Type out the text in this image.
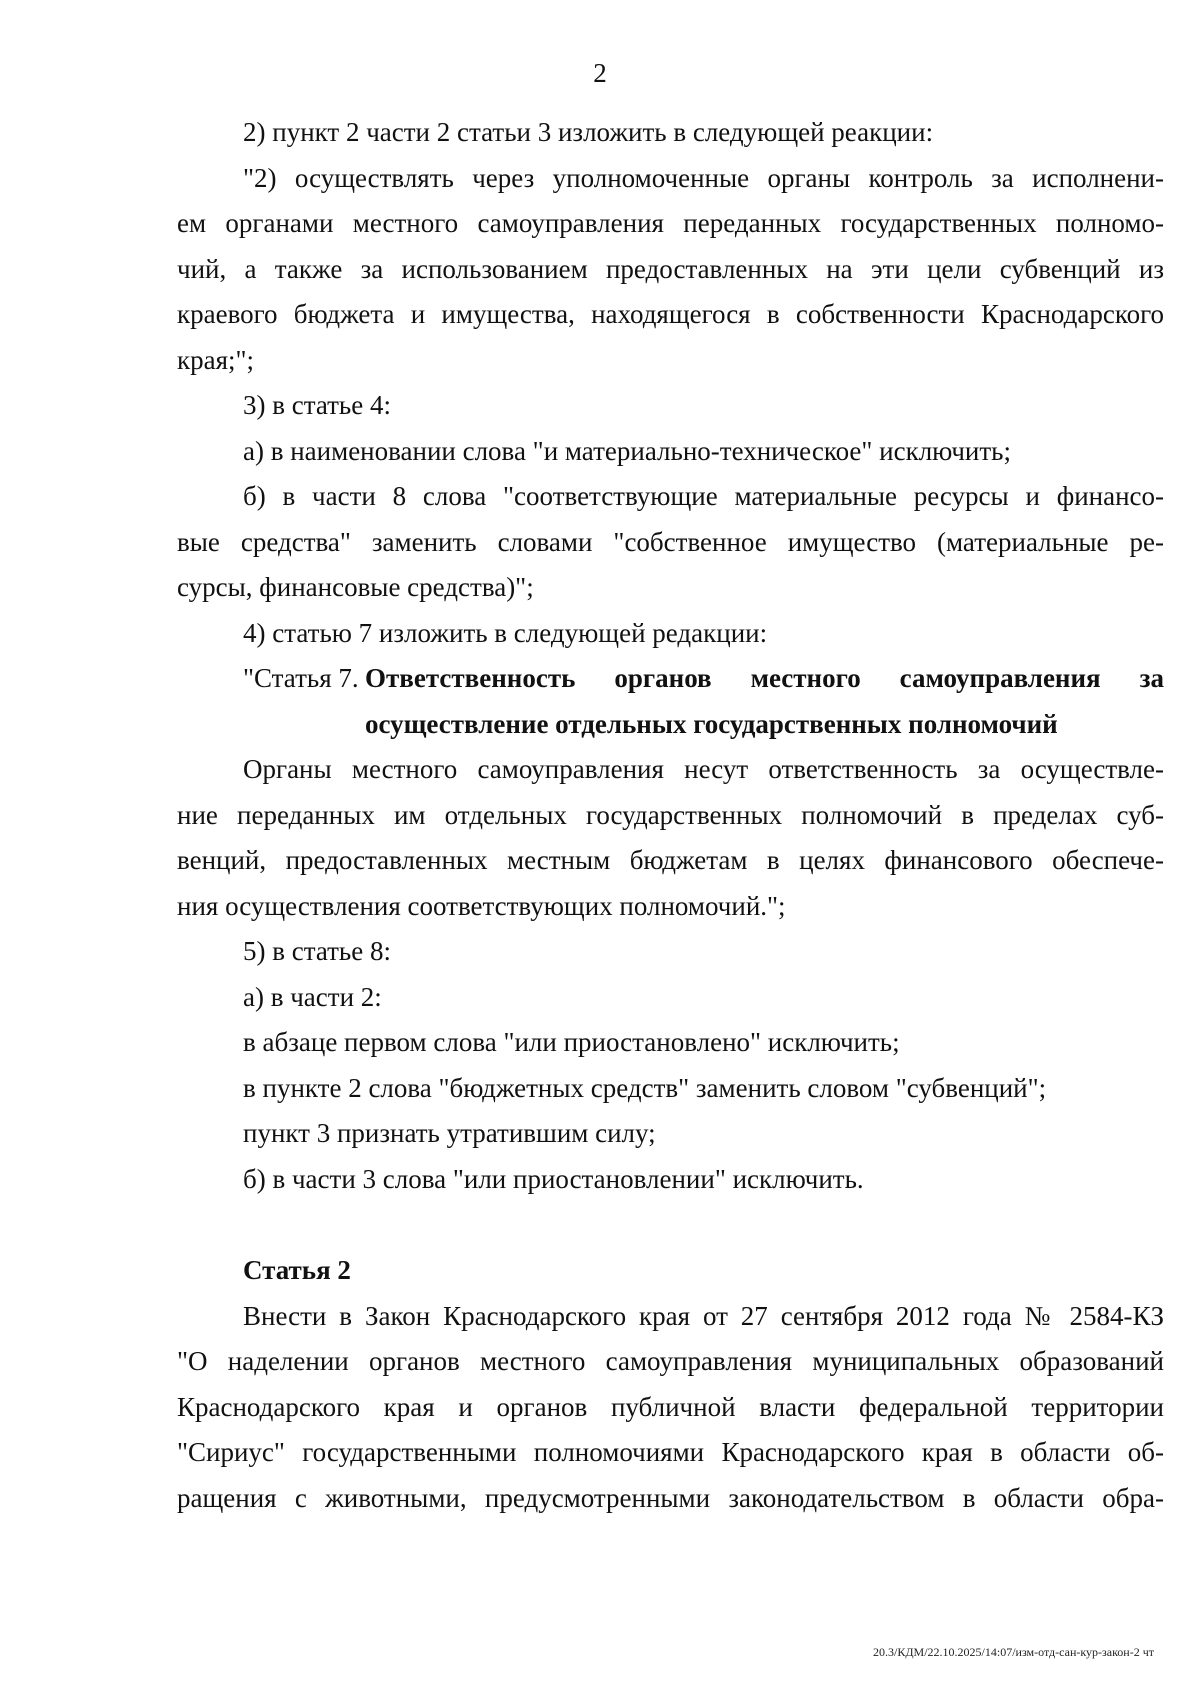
2

2) пункт 2 части 2 статьи 3 изложить в следующей реакции:

"2) осуществлять через уполномоченные органы контроль за исполнени-
ем органами местного самоуправления переданных государственных полномо-
чий, а также за использованием предоставленных на эти цели субвенций из
краевого бюджета и имущества, находящегося в собственности Краснодарского
края;";

3) в статье 4:

а) в наименовании слова "и материально-техническое" исключить;

б) в части 8 слова "соответствующие материальные ресурсы и финансо-
вые средства" заменить словами "собственное имущество (материальные ре-
сурсы, финансовые средства)";

4) статью 7 изложить в следующей редакции:

"Статья 7. Ответственность органов местного самоуправления за
осуществление отдельных государственных полномочий

Органы местного самоуправления несут ответственность за осуществле-
ние переданных им отдельных государственных полномочий в пределах суб-
венций, предоставленных местным бюджетам в целях финансового обеспече-
ния осуществления соответствующих полномочий.";

5) в статье 8:

а) в части 2:

в абзаце первом слова "или приостановлено" исключить;

в пункте 2 слова "бюджетных средств" заменить словом "субвенций";

пункт 3 признать утратившим силу;

б) в части 3 слова "или приостановлении" исключить.

Статья 2

Внести в Закон Краснодарского края от 27 сентября 2012 года № 2584-КЗ
"О наделении органов местного самоуправления муниципальных образований
Краснодарского края и органов публичной власти федеральной территории
"Сириус" государственными полномочиями Краснодарского края в области об-
ращения с животными, предусмотренными законодательством в области обра-

20.3/КДМ/22.10.2025/14:07/изм-отд-сан-кур-закон-2 чт
